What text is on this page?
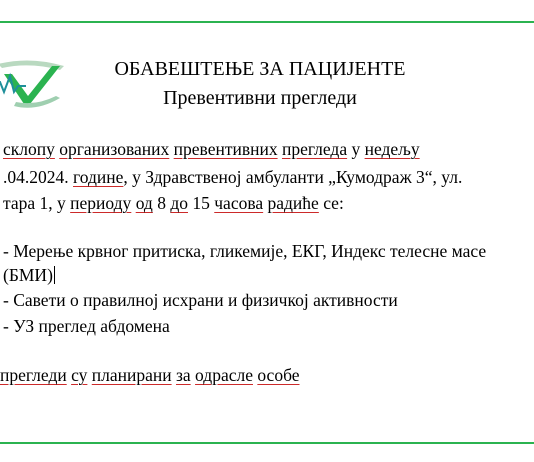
ОБАВЕШТЕЊЕ ЗА ПАЦИЈЕНТЕ
Превентивни прегледи
склопу организованих превентивних прегледа у недељу
.04.2024. године, у Здравственој амбуланти „Кумодраж 3“, ул.
тара 1, у периоду од 8 до 15 часова радиће се:
- Мерење крвног притиска, гликемије, ЕКГ, Индекс телесне масе
(БМИ)
- Савети о правилној исхрани и физичкој активности
- УЗ преглед абдомена
прегледи су планирани за одрасле особе
